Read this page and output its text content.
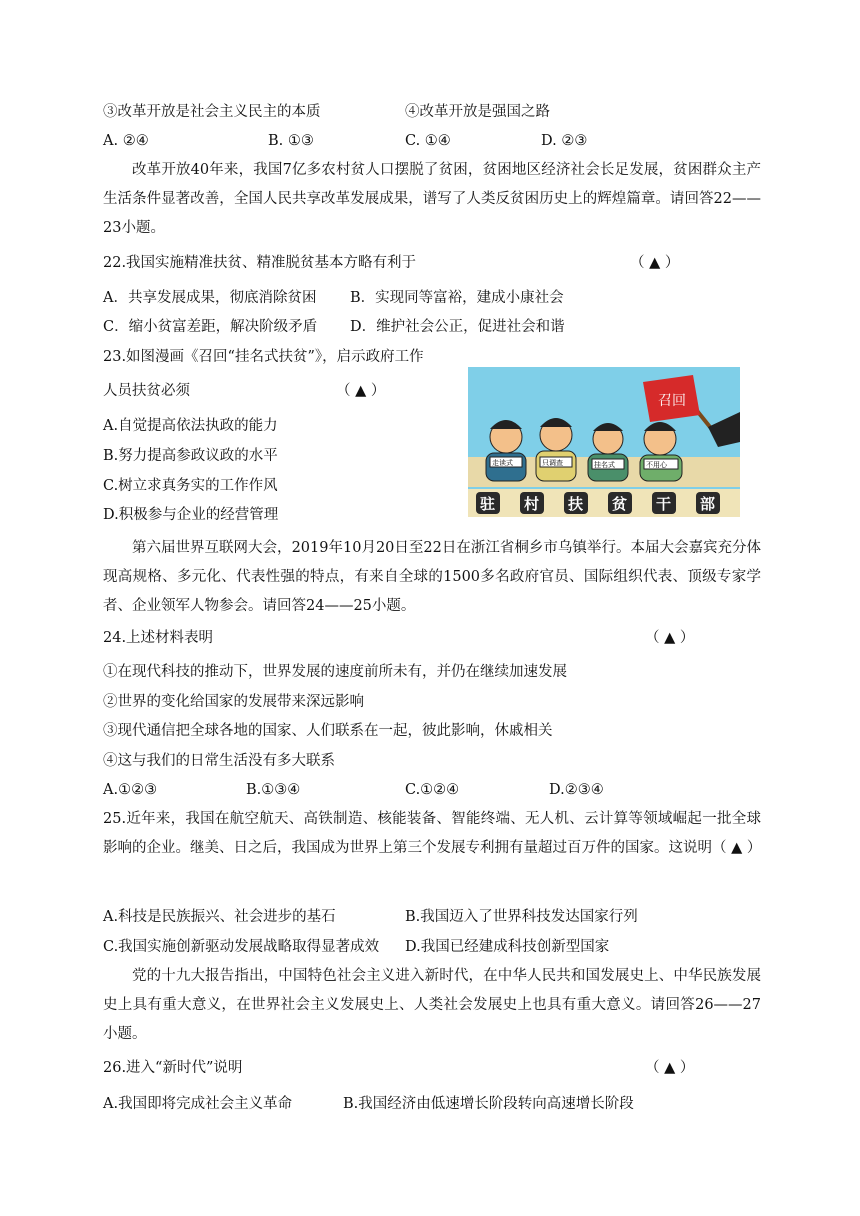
③改革开放是社会主义民主的本质	④改革开放是强国之路
A. ②④	B. ①③	C. ①④	D. ②③
改革开放40年来，我国7亿多农村贫人口摆脱了贫困，贫困地区经济社会长足发展，贫困群众主产生活条件显著改善，全国人民共享改革发展成果，谱写了人类反贫困历史上的辉煌篇章。请回答22——23小题。
22.我国实施精准扶贫、精准脱贫基本方略有利于	（ ▲ ）
A．共享发展成果，彻底消除贫困 B．实现同等富裕，建成小康社会
C．缩小贫富差距，解决阶级矛盾 D．维护社会公正，促进社会和谐
23.如图漫画《召回“挂名式扶贫”》，启示政府工作
人员扶贫必须	（ ▲ ）
A.自觉提高依法执政的能力
B.努力提高参政议政的水平
C.树立求真务实的工作作风
D.积极参与企业的经营管理
召回
走读式	只调查	挂名式	不用心
驻 村 扶 贫 干 部
第六届世界互联网大会，2019年10月20日至22日在浙江省桐乡市乌镇举行。本届大会嘉宾充分体现高规格、多元化、代表性强的特点，有来自全球的1500多名政府官员、国际组织代表、顶级专家学者、企业领军人物参会。请回答24——25小题。
24.上述材料表明	（ ▲ ）
①在现代科技的推动下，世界发展的速度前所未有，并仍在继续加速发展
②世界的变化给国家的发展带来深远影响
③现代通信把全球各地的国家、人们联系在一起，彼此影响，休戚相关
④这与我们的日常生活没有多大联系
A.①②③	B.①③④	C.①②④	D.②③④
25.近年来，我国在航空航天、高铁制造、核能装备、智能终端、无人机、云计算等领域崛起一批全球影响的企业。继美、日之后，我国成为世界上第三个发展专利拥有量超过百万件的国家。这说明（ ▲ ）
A.科技是民族振兴、社会进步的基石	B.我国迈入了世界科技发达国家行列
C.我国实施创新驱动发展战略取得显著成效 D.我国已经建成科技创新型国家
党的十九大报告指出，中国特色社会主义进入新时代，在中华人民共和国发展史上、中华民族发展史上具有重大意义，在世界社会主义发展史上、人类社会发展史上也具有重大意义。请回答26——27小题。
26.进入“新时代”说明	（ ▲ ）
A.我国即将完成社会主义革命	B.我国经济由低速增长阶段转向高速增长阶段
